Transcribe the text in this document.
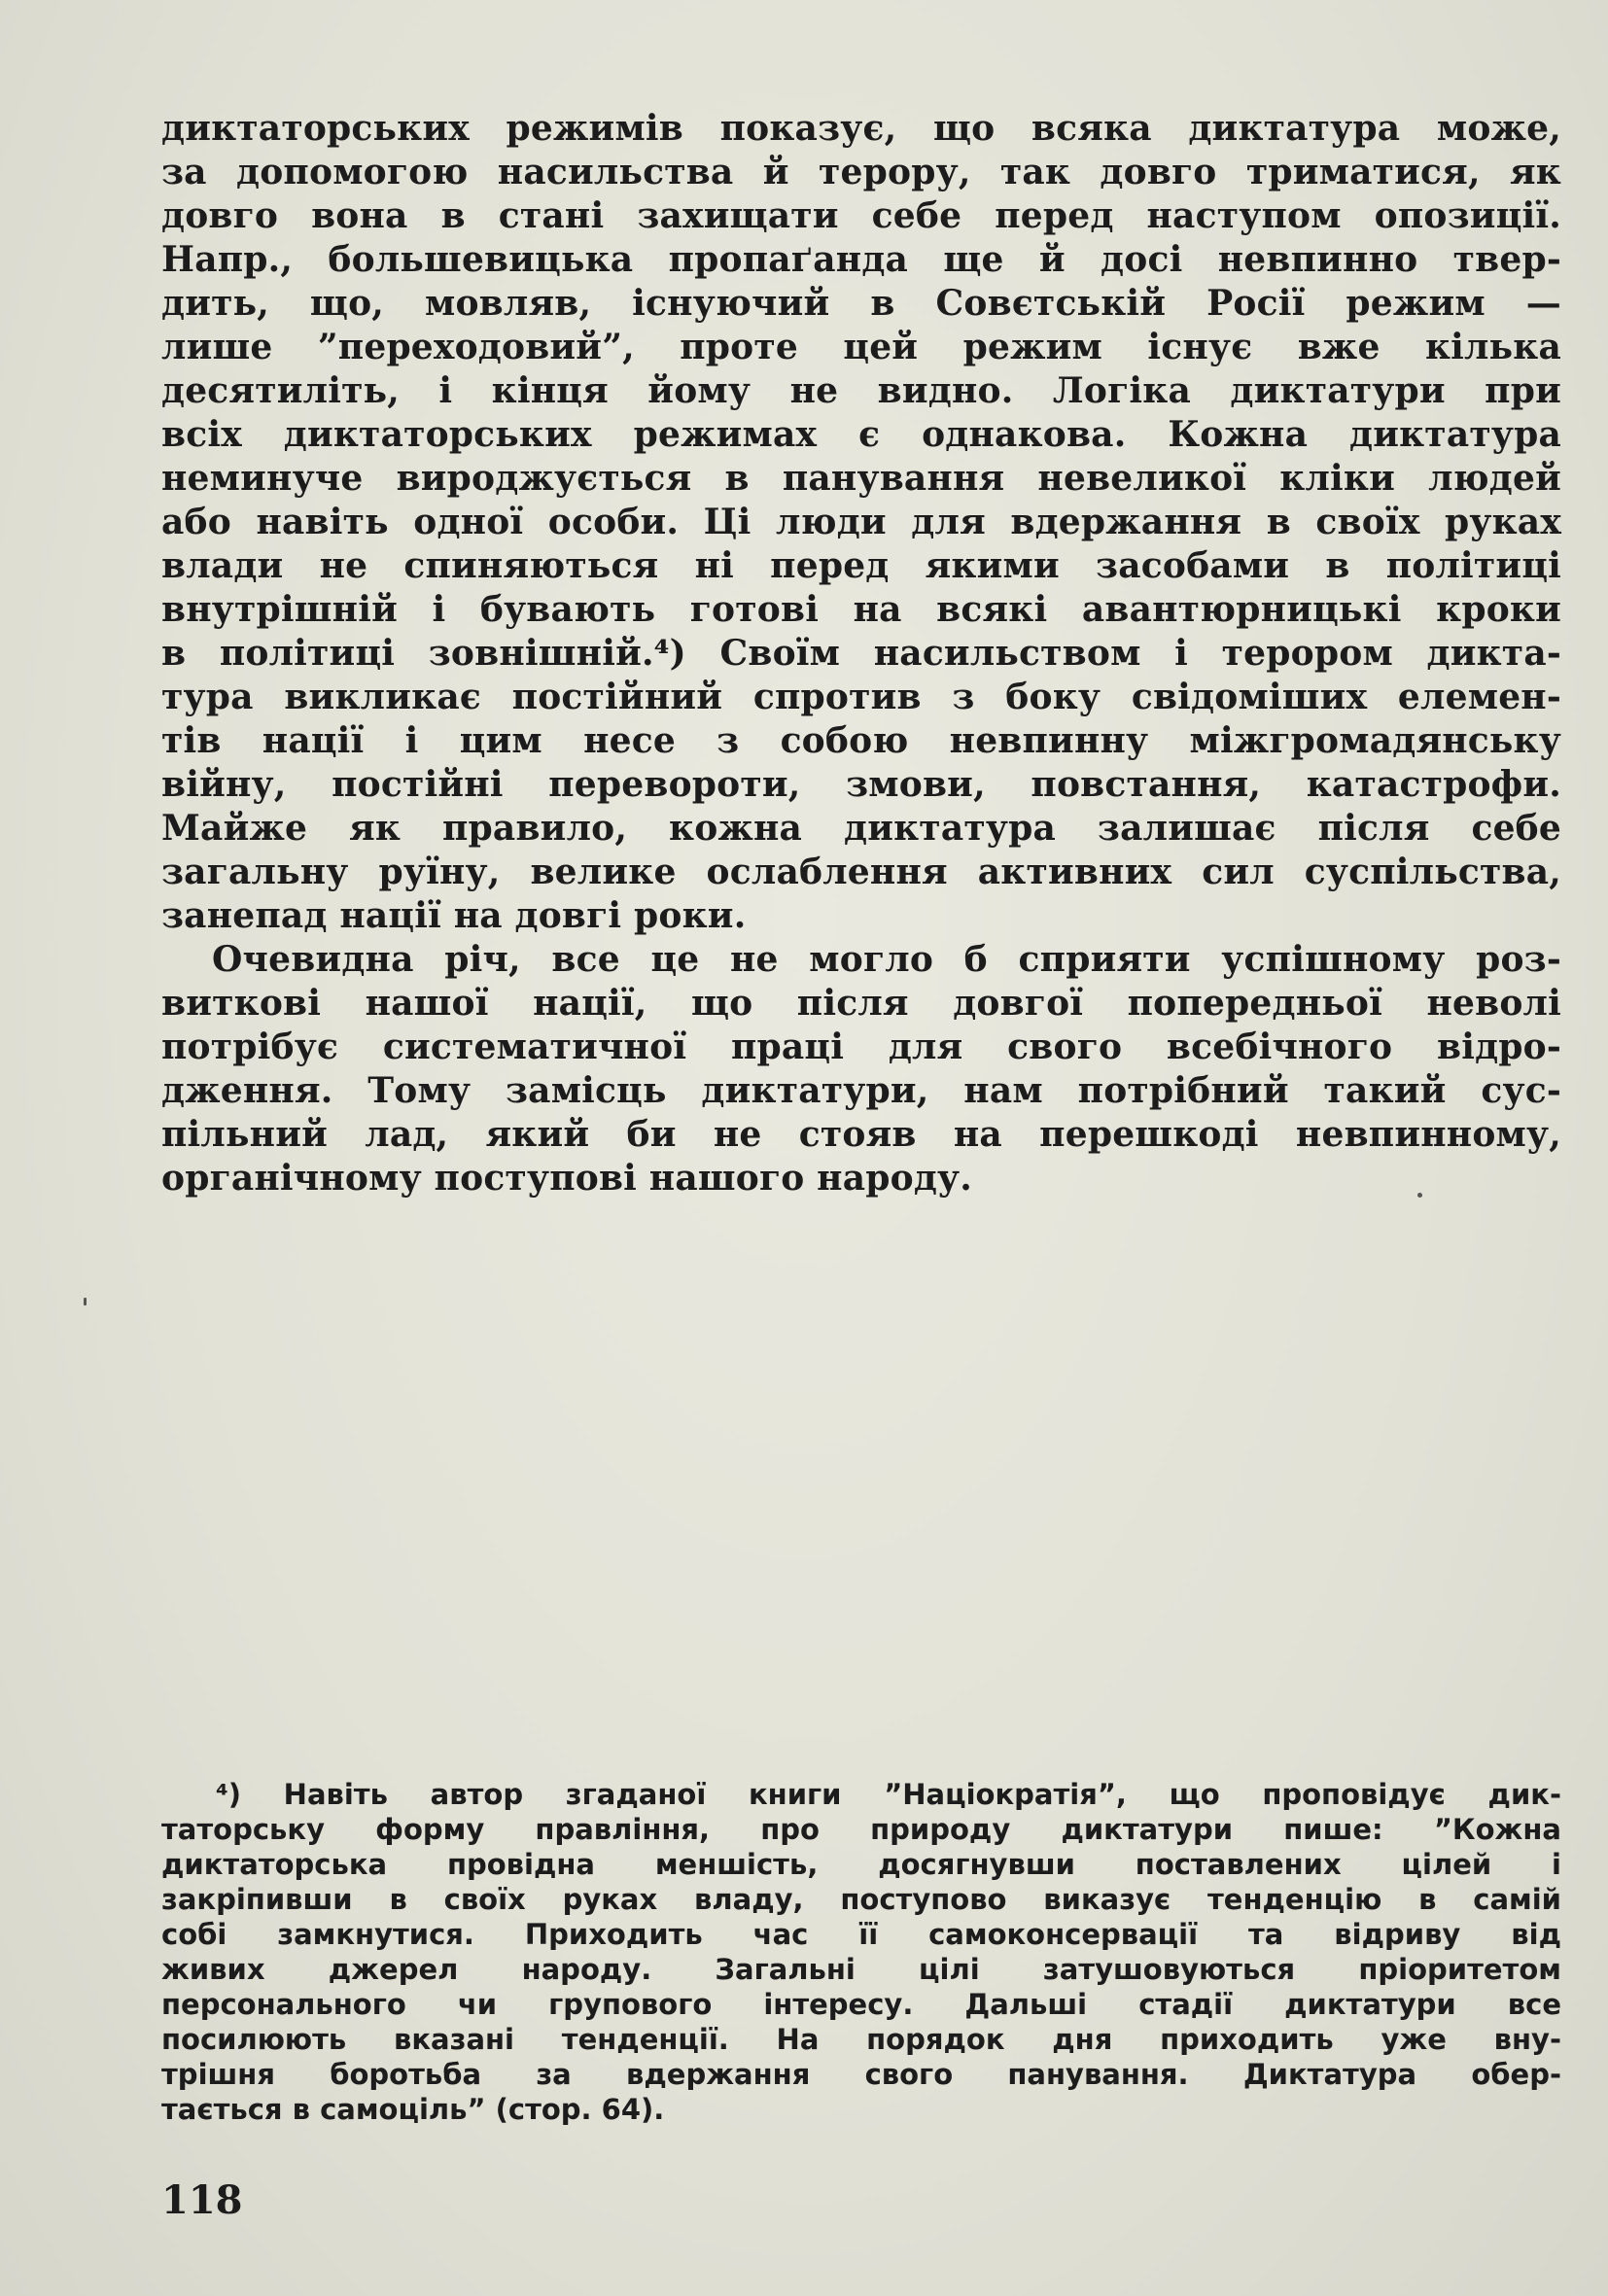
диктаторських режимів показує, що всяка диктатура може,
за допомогою насильства й терору, так довго триматися, як
довго вона в стані захищати себе перед наступом опозиції.
Напр., большевицька пропаґанда ще й досі невпинно твер-
дить, що, мовляв, існуючий в Совєтській Росії режим —
лише ”переходовий”, проте цей режим існує вже кілька
десятиліть, і кінця йому не видно. Логіка диктатури при
всіх диктаторських режимах є однакова. Кожна диктатура
неминуче вироджується в панування невеликої кліки людей
або навіть одної особи. Ці люди для вдержання в своїх руках
влади не спиняються ні перед якими засобами в політиці
внутрішній і бувають готові на всякі авантюрницькі кроки
в політиці зовнішній.⁴) Своїм насильством і терором дикта-
тура викликає постійний спротив з боку свідоміших елемен-
тів нації і цим несе з собою невпинну міжгромадянську
війну, постійні перевороти, змови, повстання, катастрофи.
Майже як правило, кожна диктатура залишає після себе
загальну руїну, велике ослаблення активних сил суспільства,
занепад нації на довгі роки.
Очевидна річ, все це не могло б сприяти успішному роз-
виткові нашої нації, що після довгої попередньої неволі
потрібує систематичної праці для свого всебічного відро-
дження. Тому замісць диктатури, нам потрібний такий сус-
пільний лад, який би не стояв на перешкоді невпинному,
органічному поступові нашого народу.
⁴) Навіть автор згаданої книги ”Націократія”, що проповідує дик-
таторську форму правління, про природу диктатури пише: ”Кожна
диктаторська провідна меншість, досягнувши поставлених цілей і
закріпивши в своїх руках владу, поступово виказує тенденцію в самій
собі замкнутися. Приходить час її самоконсервації та відриву від
живих джерел народу. Загальні цілі затушовуються пріоритетом
персонального чи групового інтересу. Дальші стадії диктатури все
посилюють вказані тенденції. На порядок дня приходить уже вну-
трішня боротьба за вдержання свого панування. Диктатура обер-
тається в самоціль” (стор. 64).
118
